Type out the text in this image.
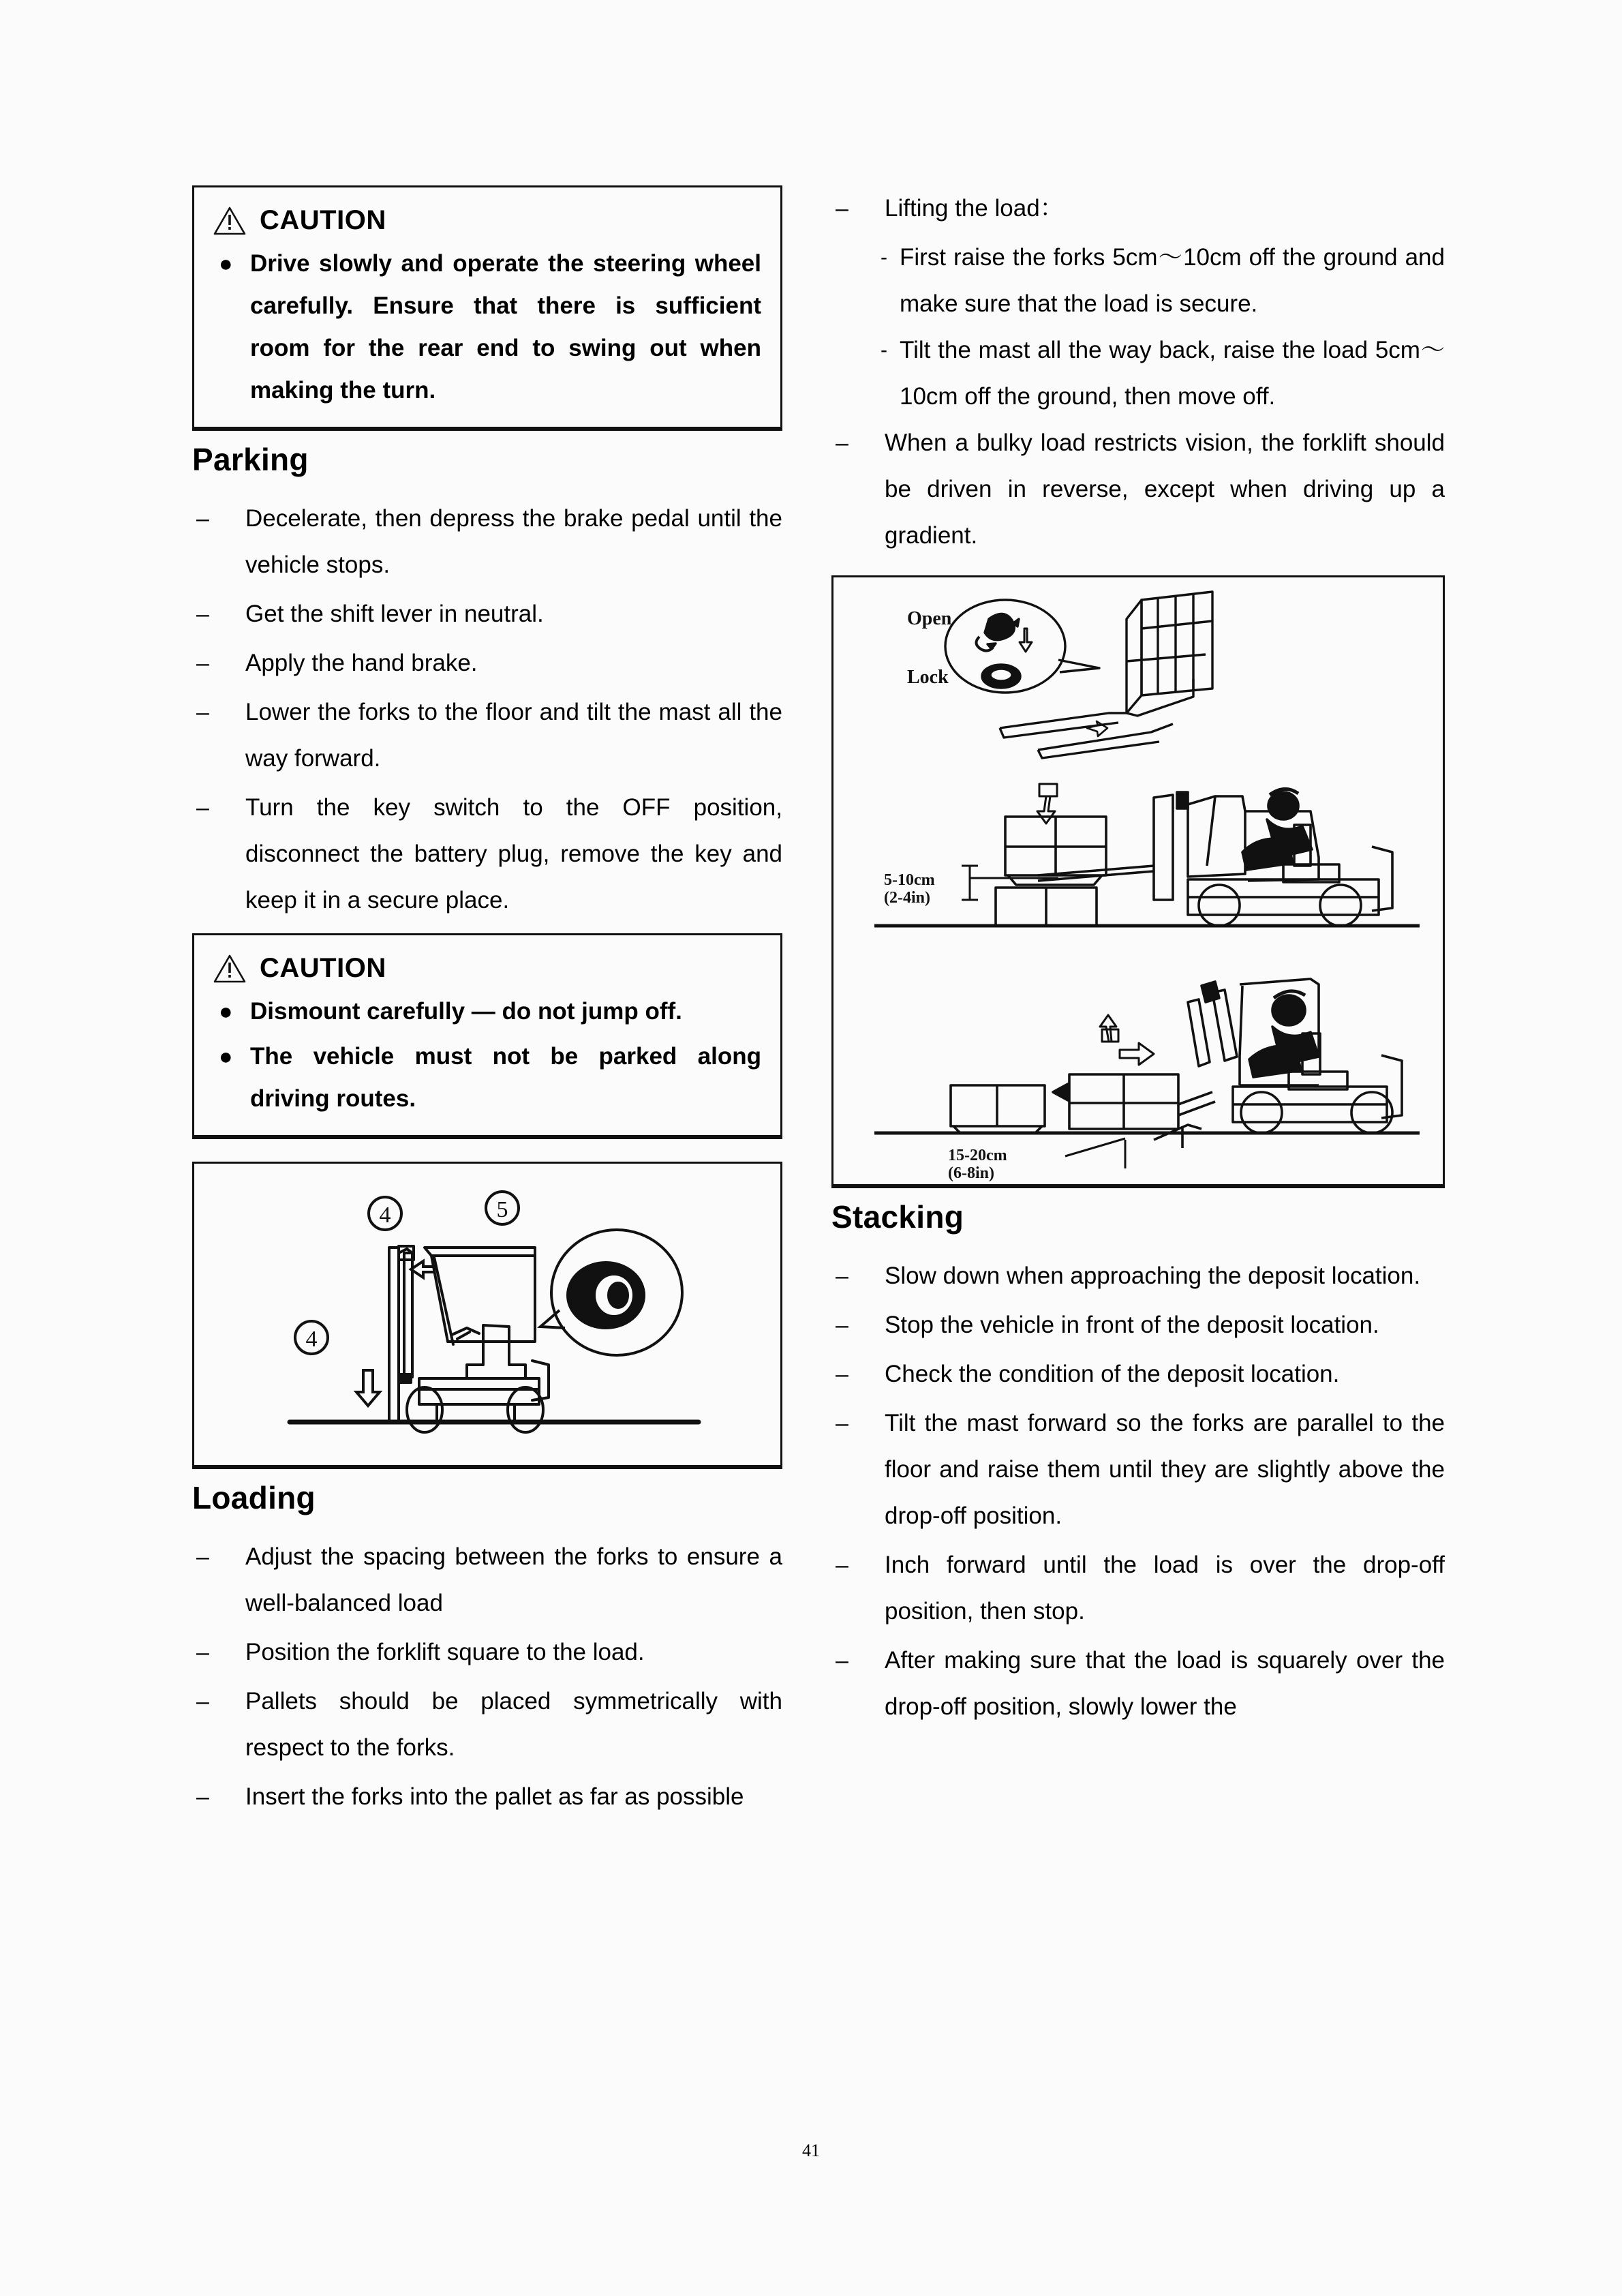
CAUTION
● Drive slowly and operate the steering wheel carefully. Ensure that there is sufficient room for the rear end to swing out when making the turn.
Parking
–	Decelerate, then depress the brake pedal until the vehicle stops.
–	Get the shift lever in neutral.
–	Apply the hand brake.
–	Lower the forks to the floor and tilt the mast all the way forward.
–	Turn the key switch to the OFF position, disconnect the battery plug, remove the key and keep it in a secure place.
CAUTION
● Dismount carefully — do not jump off.
● The vehicle must not be parked along driving routes.
4	5
4
Loading
–	Adjust the spacing between the forks to ensure a well-balanced load
–	Position the forklift square to the load.
–	Pallets should be placed symmetrically with respect to the forks.
–	Insert the forks into the pallet as far as possible
–	Lifting the load：
- First raise the forks 5cm～10cm off the ground and make sure that the load is secure.
- Tilt the mast all the way back, raise the load 5cm～10cm off the ground, then move off.
–	When a bulky load restricts vision, the forklift should be driven in reverse, except when driving up a gradient.
Open
Lock
5-10cm
(2-4in)
15-20cm
(6-8in)
Stacking
–	Slow down when approaching the deposit location.
–	Stop the vehicle in front of the deposit location.
–	Check the condition of the deposit location.
–	Tilt the mast forward so the forks are parallel to the floor and raise them until they are slightly above the drop-off position.
–	Inch forward until the load is over the drop-off position, then stop.
–	After making sure that the load is squarely over the drop-off position, slowly lower the
41
